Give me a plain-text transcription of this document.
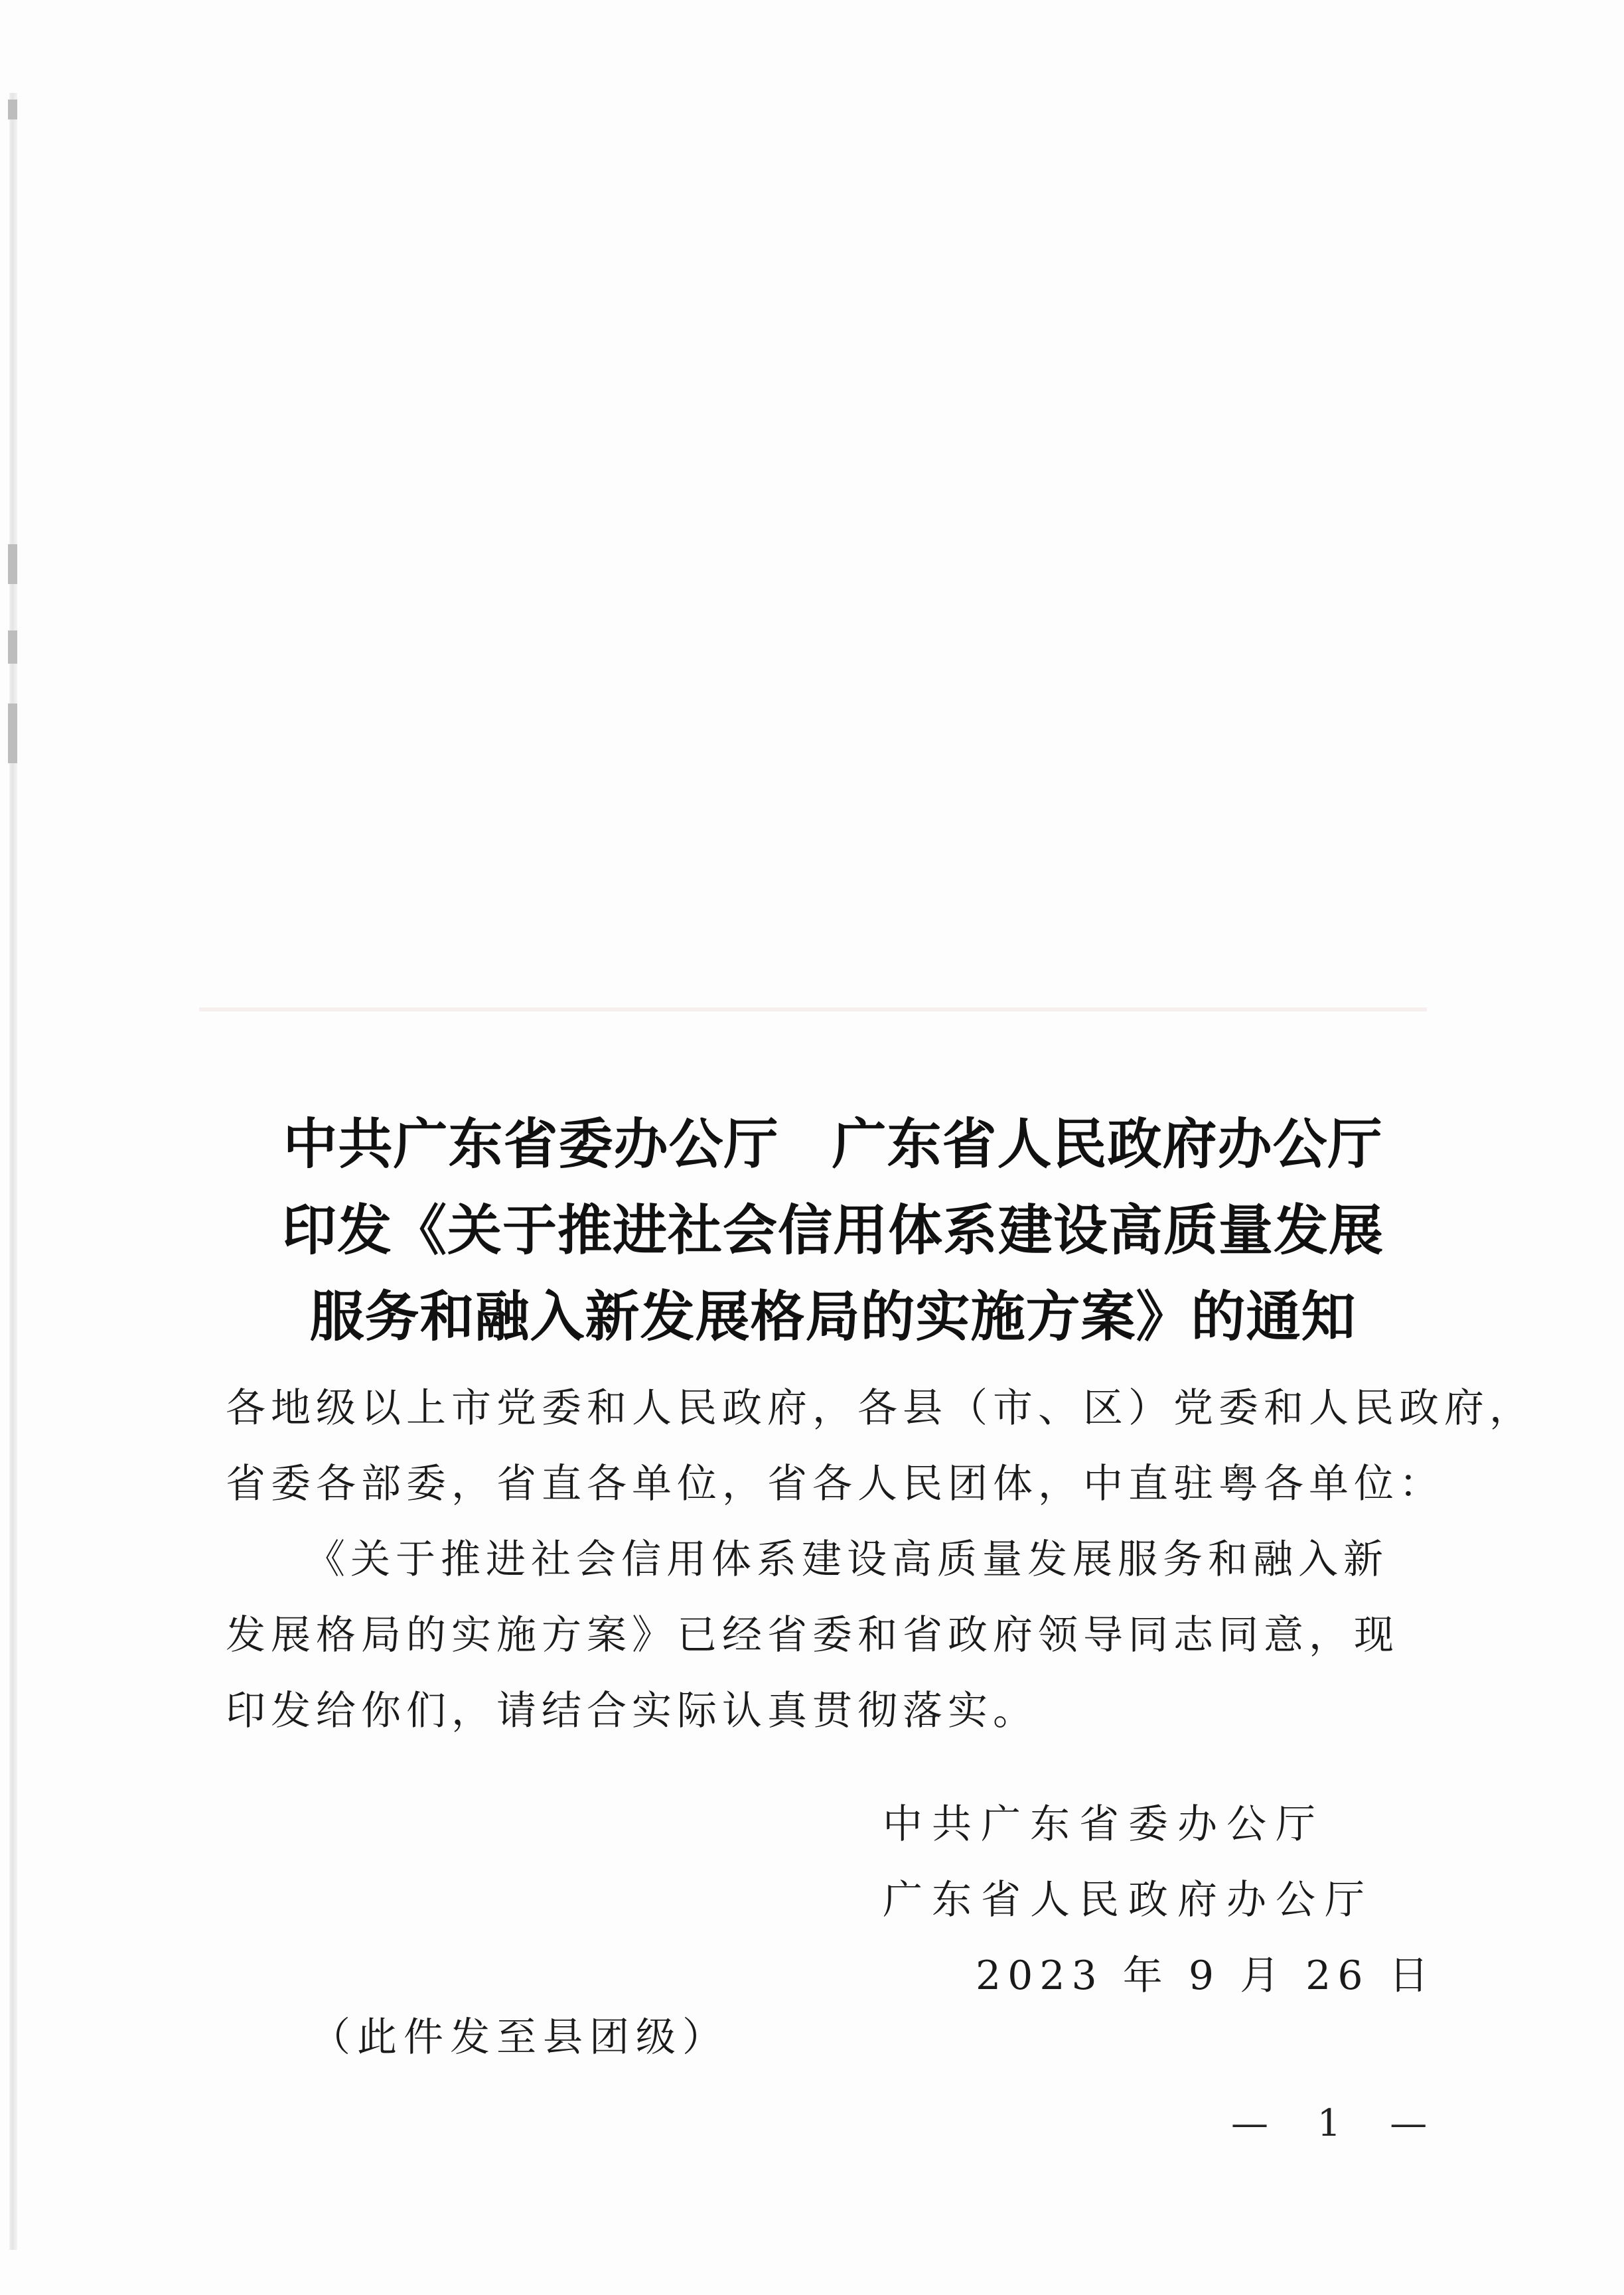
中共广东省委办公厅 广东省人民政府办公厅
印发《关于推进社会信用体系建设高质量发展
服务和融入新发展格局的实施方案》的通知
各地级以上市党委和人民政府，各县（市、区）党委和人民政府，
省委各部委，省直各单位，省各人民团体，中直驻粤各单位：
《关于推进社会信用体系建设高质量发展服务和融入新
发展格局的实施方案》已经省委和省政府领导同志同意，现
印发给你们，请结合实际认真贯彻落实。
中共广东省委办公厅
广东省人民政府办公厅
2023 年 9 月 26 日
（此件发至县团级）
— 1 —
